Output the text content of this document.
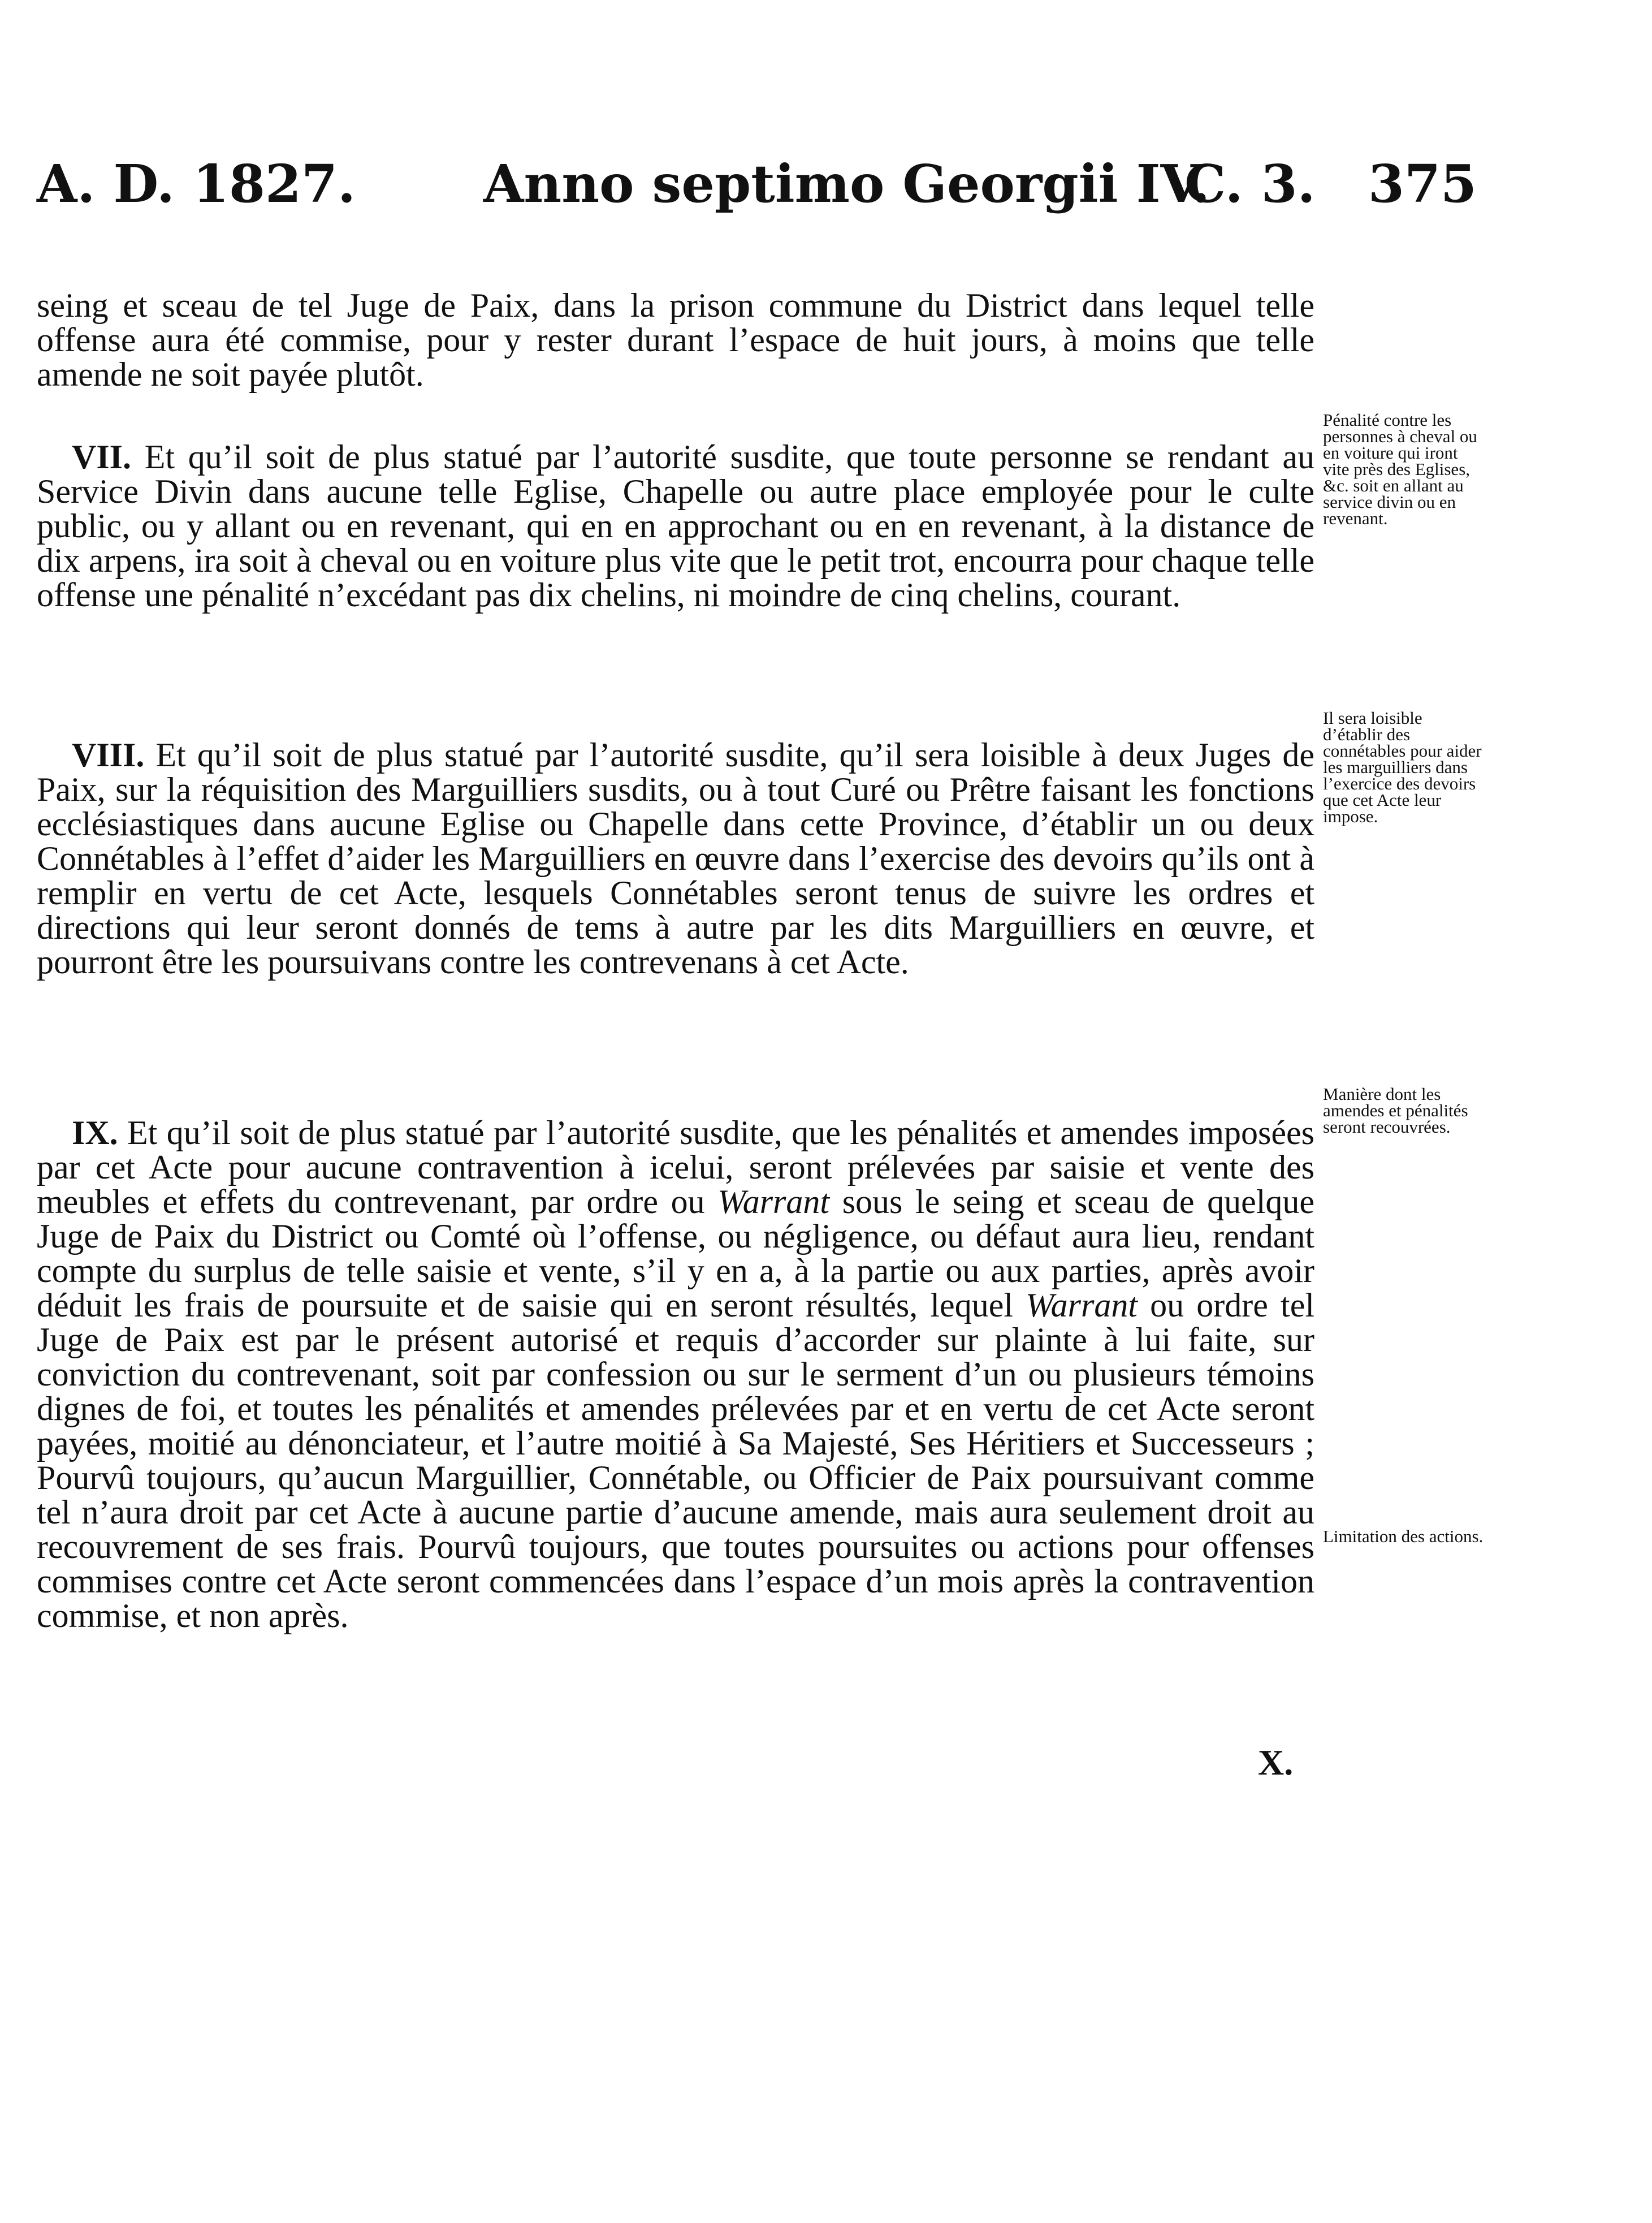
A. D. 1827. Anno septimo Georgii IV.
C. 3. 375

seing et sceau de tel Juge de Paix, dans la prison commune du District dans lequel telle offense aura été commise, pour y rester durant l’espace de huit jours, à moins que telle amende ne soit payée plutôt.

VII. Et qu’il soit de plus statué par l’autorité susdite, que toute personne se rendant au Service Divin dans aucune telle Eglise, Chapelle ou autre place employée pour le culte public, ou y allant ou en revenant, qui en en approchant ou en en revenant, à la distance de dix arpens, ira soit à cheval ou en voiture plus vite que le petit trot, encourra pour chaque telle offense une pénalité n’excédant pas dix chelins, ni moindre de cinq chelins, courant.

Pénalité contre les personnes à cheval ou en voiture qui iront vite près des Eglises, &c. soit en allant au service divin ou en revenant.

VIII. Et qu’il soit de plus statué par l’autorité susdite, qu’il sera loisible à deux Juges de Paix, sur la réquisition des Marguilliers susdits, ou à tout Curé ou Prêtre faisant les fonctions ecclésiastiques dans aucune Eglise ou Chapelle dans cette Province, d’établir un ou deux Connétables à l’effet d’aider les Marguilliers en œuvre dans l’exercise des devoirs qu’ils ont à remplir en vertu de cet Acte, lesquels Connétables seront tenus de suivre les ordres et directions qui leur seront donnés de tems à autre par les dits Marguilliers en œuvre, et pourront être les poursuivans contre les contrevenans à cet Acte.

Il sera loisible d’établir des connétables pour aider les marguilliers dans l’exercice des devoirs que cet Acte leur impose.

IX. Et qu’il soit de plus statué par l’autorité susdite, que les pénalités et amendes imposées par cet Acte pour aucune contravention à icelui, seront prélevées par saisie et vente des meubles et effets du contrevenant, par ordre ou Warrant sous le seing et sceau de quelque Juge de Paix du District ou Comté où l’offense, ou négligence, ou défaut aura lieu, rendant compte du surplus de telle saisie et vente, s’il y en a, à la partie ou aux parties, après avoir déduit les frais de poursuite et de saisie qui en seront résultés, lequel Warrant ou ordre tel Juge de Paix est par le présent autorisé et requis d’accorder sur plainte à lui faite, sur conviction du contrevenant, soit par confession ou sur le serment d’un ou plusieurs témoins dignes de foi, et toutes les pénalités et amendes prélevées par et en vertu de cet Acte seront payées, moitié au dénonciateur, et l’autre moitié à Sa Majesté, Ses Héritiers et Successeurs ; Pourvû toujours, qu’aucun Marguillier, Connétable, ou Officier de Paix poursuivant comme tel n’aura droit par cet Acte à aucune partie d’aucune amende, mais aura seulement droit au recouvrement de ses frais. Pourvû toujours, que toutes poursuites ou actions pour offenses commises contre cet Acte seront commencées dans l’espace d’un mois après la contravention commise, et non après.

Manière dont les amendes et pénalités seront recouvrées.
Limitation des actions.
X.
